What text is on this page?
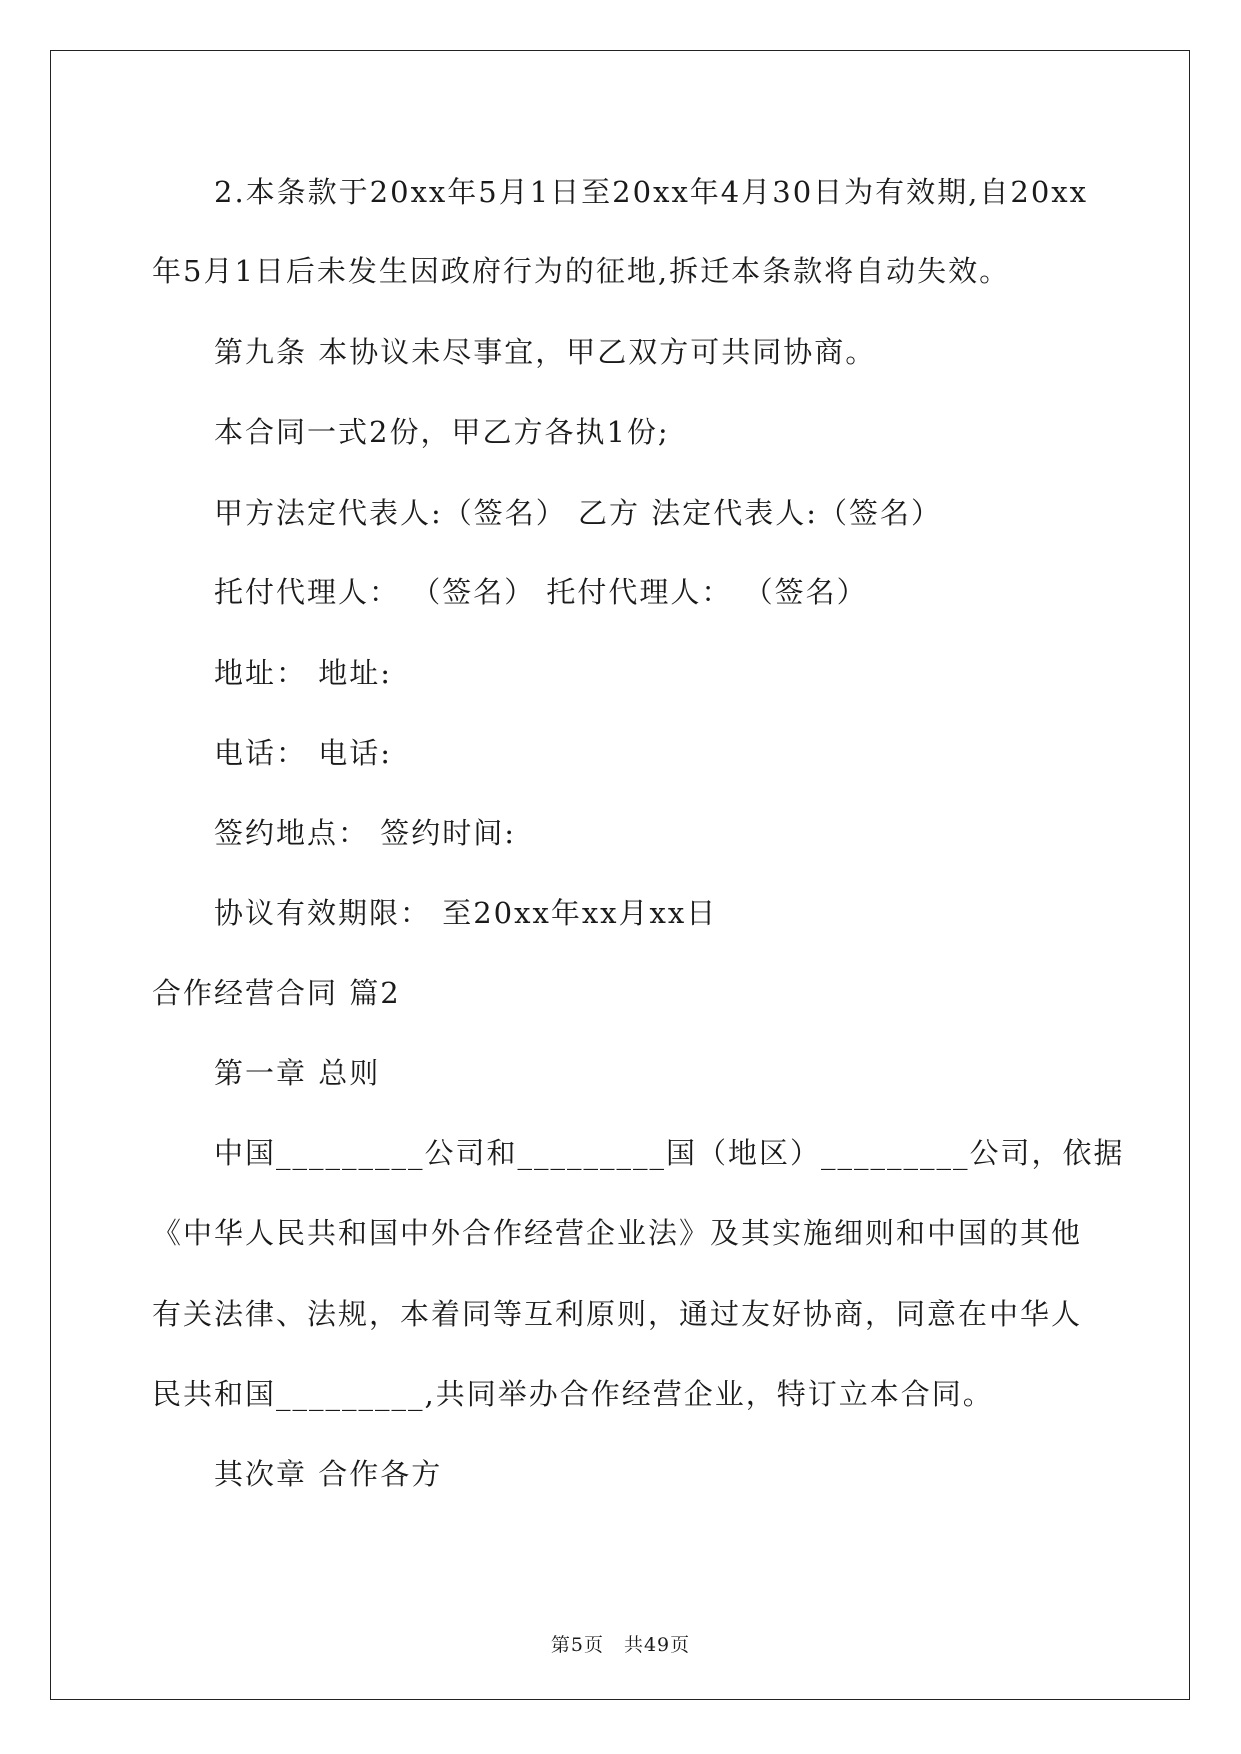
2.本条款于20xx年5月1日至20xx年4月30日为有效期,自20xx
年5月1日后未发生因政府行为的征地,拆迁本条款将自动失效。
第九条 本协议未尽事宜，甲乙双方可共同协商。
本合同一式2份，甲乙方各执1份;
甲方法定代表人:（签名） 乙方 法定代表人:（签名）
托付代理人： （签名） 托付代理人： （签名）
地址： 地址:
电话： 电话:
签约地点： 签约时间:
协议有效期限： 至20xx年xx月xx日
合作经营合同 篇2
第一章 总则
中国_________公司和_________国（地区）_________公司，依据
《中华人民共和国中外合作经营企业法》及其实施细则和中国的其他
有关法律、法规，本着同等互利原则，通过友好协商，同意在中华人
民共和国_________,共同举办合作经营企业，特订立本合同。
其次章 合作各方
第5页　共49页
